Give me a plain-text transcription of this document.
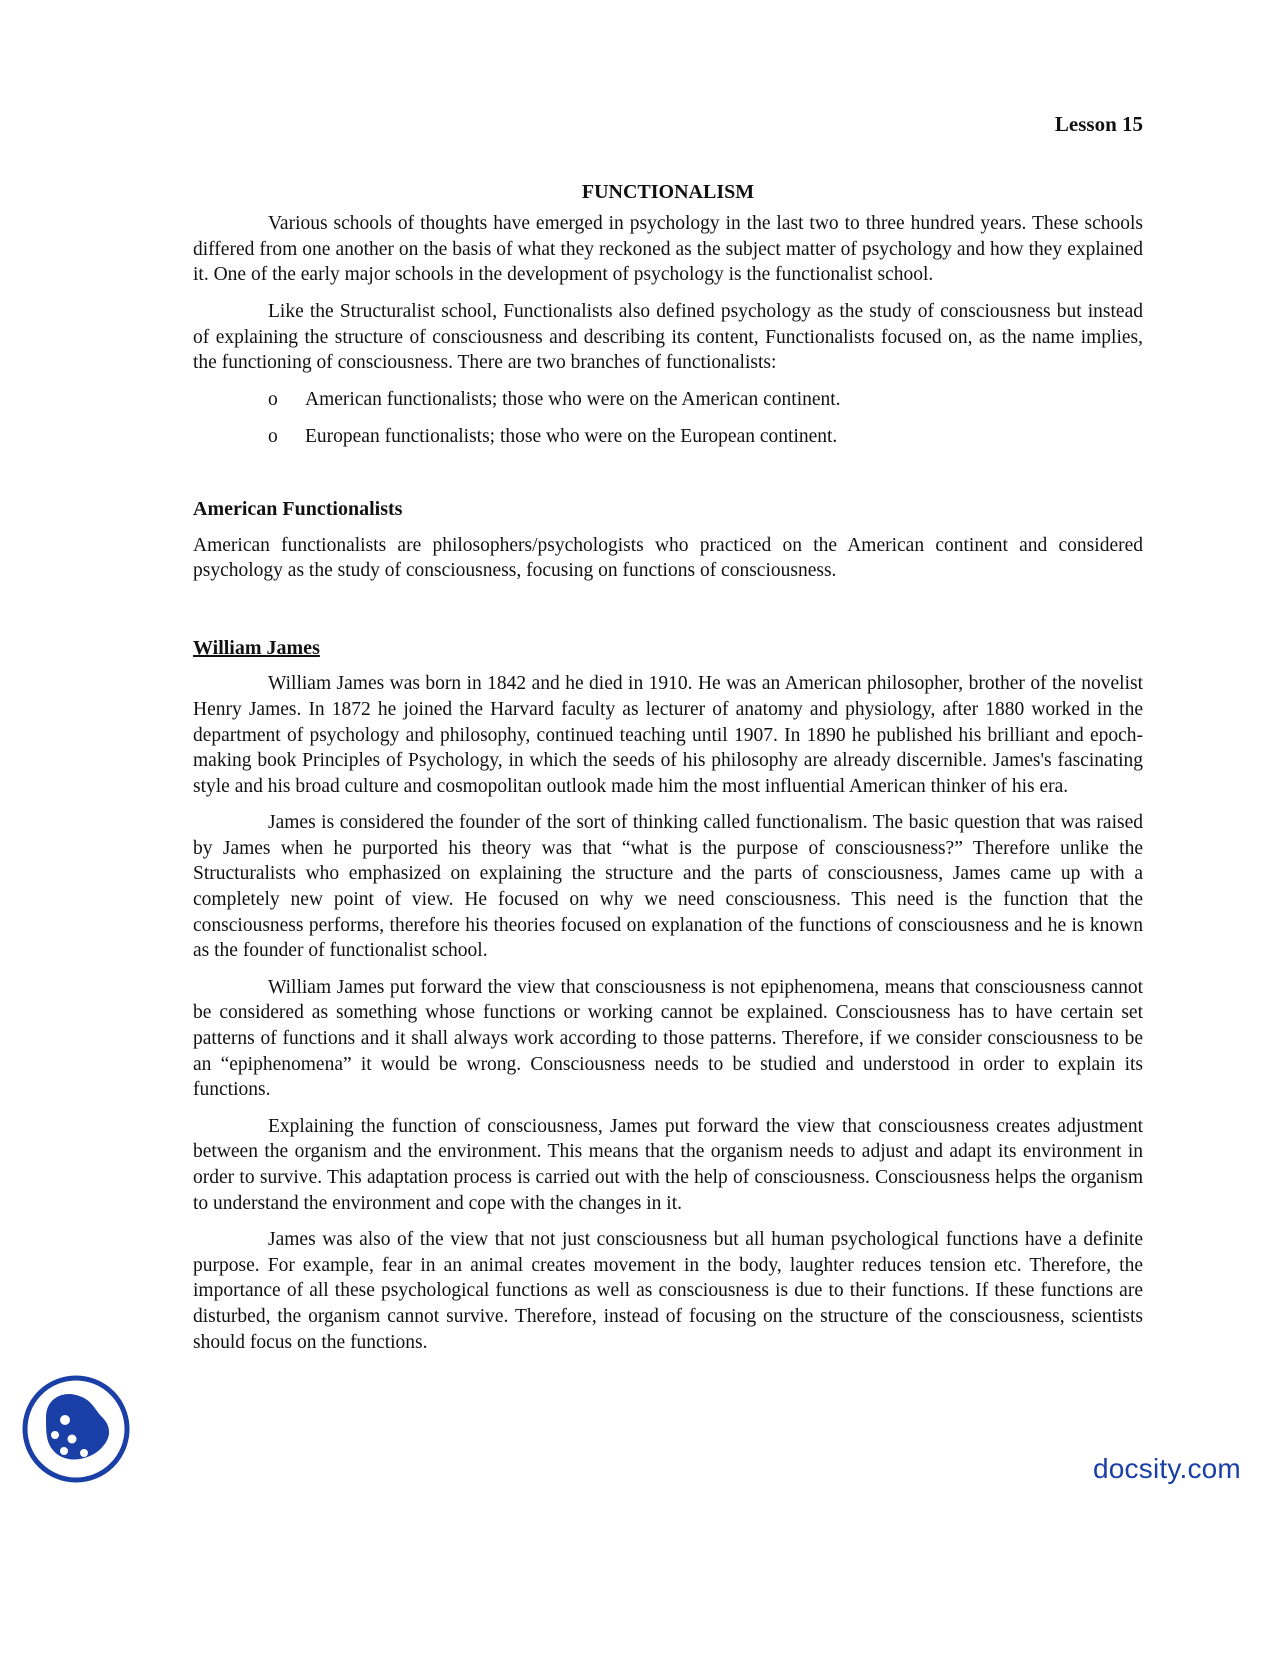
Lesson 15
FUNCTIONALISM

Various schools of thoughts have emerged in psychology in the last two to three hundred years. These schools differed from one another on the basis of what they reckoned as the subject matter of psychology and how they explained it. One of the early major schools in the development of psychology is the functionalist school.

Like the Structuralist school, Functionalists also defined psychology as the study of consciousness but instead of explaining the structure of consciousness and describing its content, Functionalists focused on, as the name implies, the functioning of consciousness. There are two branches of functionalists:

o American functionalists; those who were on the American continent.
o European functionalists; those who were on the European continent.
American Functionalists

American functionalists are philosophers/psychologists who practiced on the American continent and considered psychology as the study of consciousness, focusing on functions of consciousness.

William James

William James was born in 1842 and he died in 1910. He was an American philosopher, brother of the novelist Henry James. In 1872 he joined the Harvard faculty as lecturer of anatomy and physiology, after 1880 worked in the department of psychology and philosophy, continued teaching until 1907. In 1890 he published his brilliant and epoch-making book Principles of Psychology, in which the seeds of his philosophy are already discernible. James's fascinating style and his broad culture and cosmopolitan outlook made him the most influential American thinker of his era.

James is considered the founder of the sort of thinking called functionalism. The basic question that was raised by James when he purported his theory was that “what is the purpose of consciousness?” Therefore unlike the Structuralists who emphasized on explaining the structure and the parts of consciousness, James came up with a completely new point of view. He focused on why we need consciousness. This need is the function that the consciousness performs, therefore his theories focused on explanation of the functions of consciousness and he is known as the founder of functionalist school.

William James put forward the view that consciousness is not epiphenomena, means that consciousness cannot be considered as something whose functions or working cannot be explained. Consciousness has to have certain set patterns of functions and it shall always work according to those patterns. Therefore, if we consider consciousness to be an “epiphenomena” it would be wrong. Consciousness needs to be studied and understood in order to explain its functions.

Explaining the function of consciousness, James put forward the view that consciousness creates adjustment between the organism and the environment. This means that the organism needs to adjust and adapt its environment in order to survive. This adaptation process is carried out with the help of consciousness. Consciousness helps the organism to understand the environment and cope with the changes in it.

James was also of the view that not just consciousness but all human psychological functions have a definite purpose. For example, fear in an animal creates movement in the body, laughter reduces tension etc. Therefore, the importance of all these psychological functions as well as consciousness is due to their functions. If these functions are disturbed, the organism cannot survive. Therefore, instead of focusing on the structure of the consciousness, scientists should focus on the functions.

docsity.com
